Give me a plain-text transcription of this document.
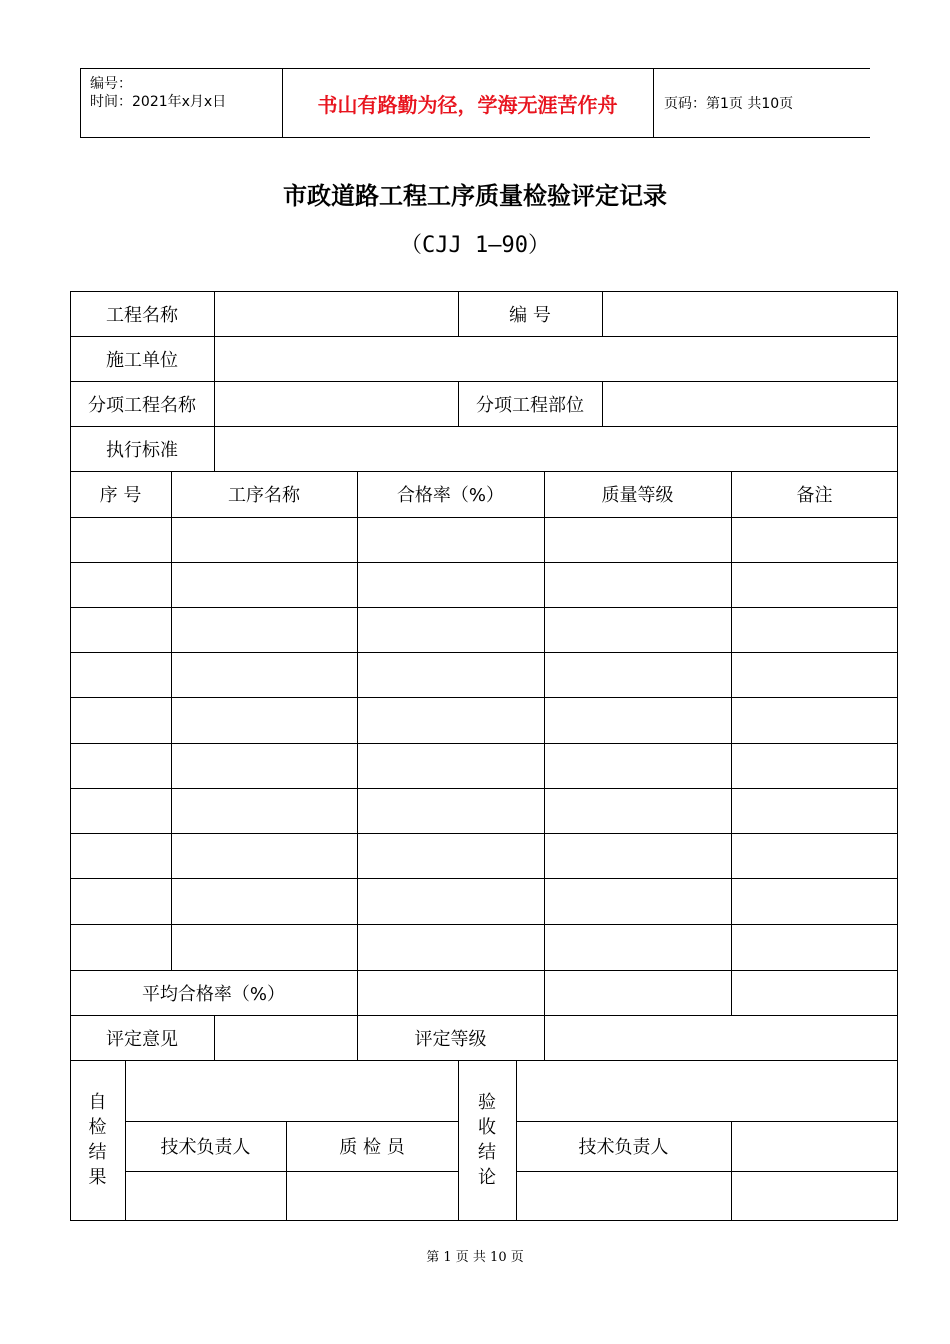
编号：
时间：2021年x月x日	书山有路勤为径，学海无涯苦作舟	页码：第1页 共10页
市政道路工程工序质量检验评定记录
（CJJ 1—90）
工程名称	编 号
施工单位
分项工程名称	分项工程部位
执行标准
序 号	工序名称	合格率（%）	质量等级	备注
平均合格率（%）
评定意见	评定等级
自
检
结
果
验
收
结
论
技术负责人	质 检 员	技术负责人
第 1 页 共 10 页
